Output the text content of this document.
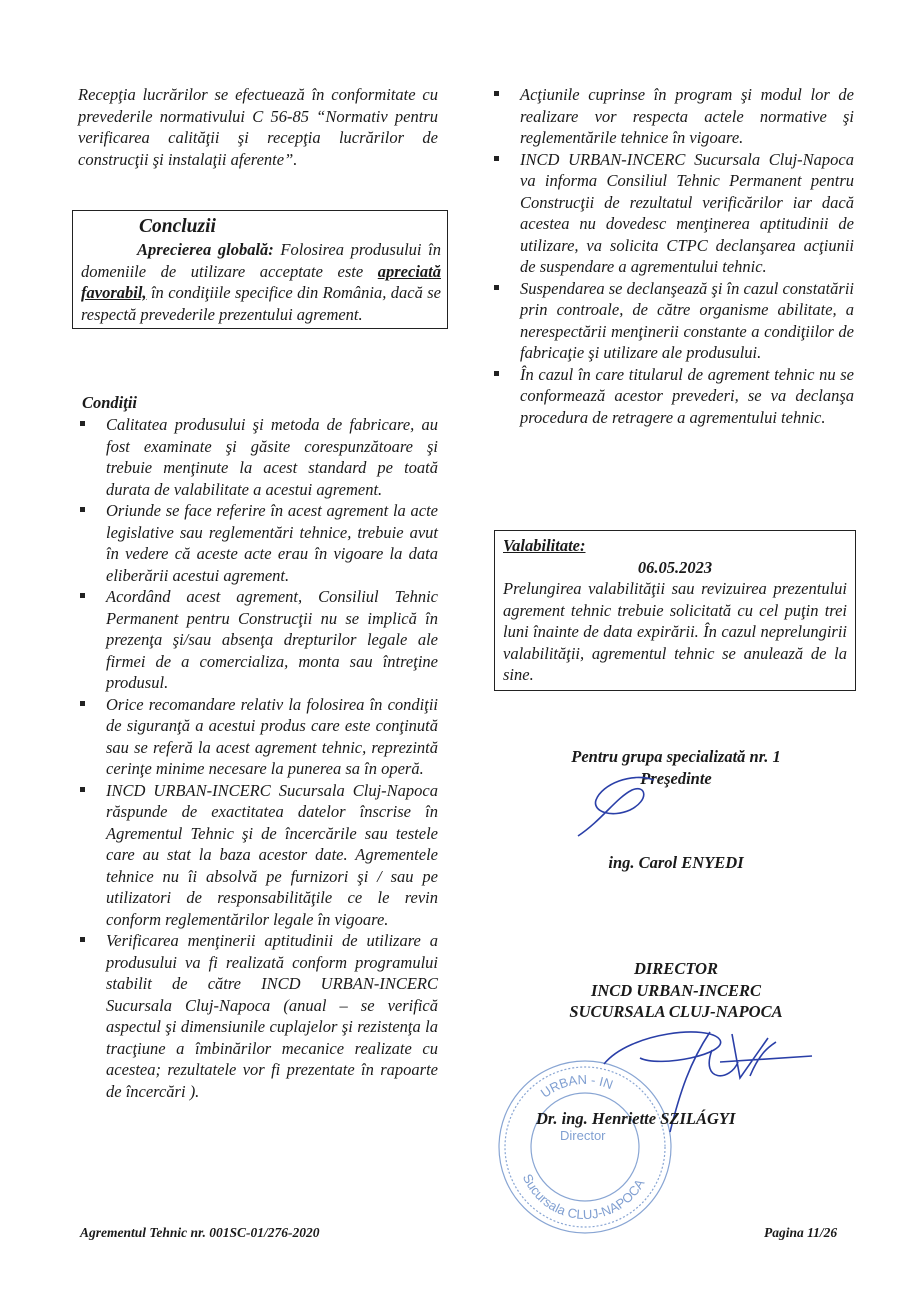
Recepţia lucrărilor se efectuează în conformitate cu prevederile normativului C 56-85 “Normativ pentru verificarea calităţii şi recepţia lucrărilor de construcţii şi instalaţii aferente”.

Concluzii

Aprecierea globală: Folosirea produsului în domeniile de utilizare acceptate este apreciată favorabil, în condiţiile specifice din România, dacă se respectă prevederile prezentului agrement.

Condiţii
Calitatea produsului şi metoda de fabricare, au fost examinate şi găsite corespunzătoare şi trebuie menţinute la acest standard pe toată durata de valabilitate a acestui agrement.
Oriunde se face referire în acest agrement la acte legislative sau reglementări tehnice, trebuie avut în vedere că aceste acte erau în vigoare la data eliberării acestui agrement.
Acordând acest agrement, Consiliul Tehnic Permanent pentru Construcţii nu se implică în prezenţa şi/sau absenţa drepturilor legale ale firmei de a comercializa, monta sau întreţine produsul.
Orice recomandare relativ la folosirea în condiţii de siguranţă a acestui produs care este conţinută sau se referă la acest agrement tehnic, reprezintă cerinţe minime necesare la punerea sa în operă.
INCD URBAN-INCERC Sucursala Cluj-Napoca răspunde de exactitatea datelor înscrise în Agrementul Tehnic şi de încercările sau testele care au stat la baza acestor date. Agrementele tehnice nu îi absolvă pe furnizori şi / sau pe utilizatori de responsabilităţile ce le revin conform reglementărilor legale în vigoare.
Verificarea menţinerii aptitudinii de utilizare a produsului va fi realizată conform programului stabilit de către INCD URBAN-INCERC Sucursala Cluj-Napoca (anual – se verifică aspectul şi dimensiunile cuplajelor şi rezistenţa la tracţiune a îmbinărilor mecanice realizate cu acestea; rezultatele vor fi prezentate în rapoarte de încercări ).
Acţiunile cuprinse în program şi modul lor de realizare vor respecta actele normative şi reglementările tehnice în vigoare.
INCD URBAN-INCERC Sucursala Cluj-Napoca va informa Consiliul Tehnic Permanent pentru Construcţii de rezultatul verificărilor iar dacă acestea nu dovedesc menţinerea aptitudinii de utilizare, va solicita CTPC declanşarea acţiunii de suspendare a agrementului tehnic.
Suspendarea se declanşează şi în cazul constatării prin controale, de către organisme abilitate, a nerespectării menţinerii constante a condiţiilor de fabricaţie şi utilizare ale produsului.
În cazul în care titularul de agrement tehnic nu se conformează acestor prevederi, se va declanşa procedura de retragere a agrementului tehnic.
Valabilitate:
06.05.2023

Prelungirea valabilităţii sau revizuirea prezentului agrement tehnic trebuie solicitată cu cel puţin trei luni înainte de data expirării. În cazul neprelungirii valabilităţii, agrementul tehnic se anulează de la sine.

Pentru grupa specializată nr. 1
Preşedinte
ing. Carol ENYEDI
DIRECTOR
INCD URBAN-INCERC
SUCURSALA CLUJ-NAPOCA
URBAN - IN
Sucursala CLUJ-NAPOCA
Director
Dr. ing. Henriette SZILÁGYI
Agrementul Tehnic nr. 001SC-01/276-2020	Pagina 11/26
